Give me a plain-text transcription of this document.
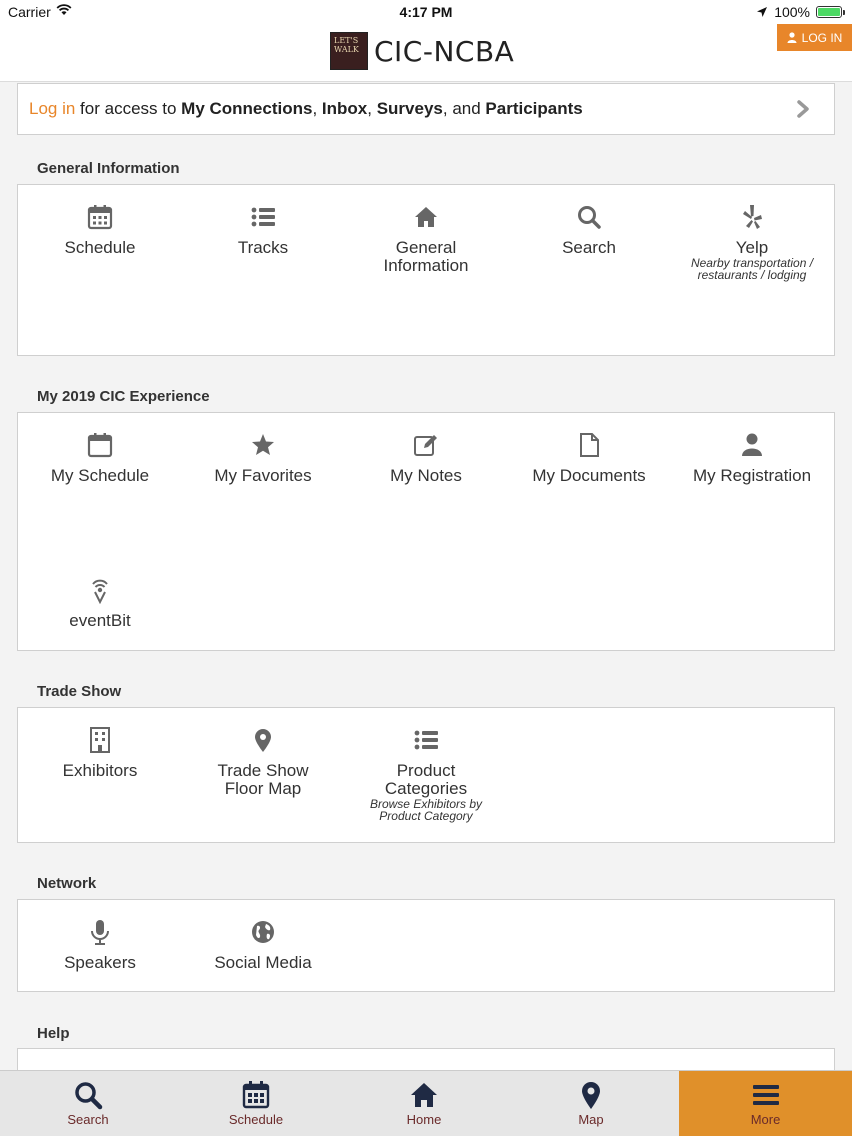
Carrier	4:17 PM	100%
LET'S
WALK CIC-NCBA	LOG IN
Log in for access to My Connections , Inbox , Surveys , and Participants
General Information
Schedule	Tracks	General Information
Search	Yelp
Nearby transportation / restaurants / lodging
My 2019 CIC Experience
My Schedule	My Favorites	My Notes	My Documents	My Registration
eventBit
Trade Show
Exhibitors	Trade Show Floor Map
Product Categories
Browse Exhibitors by Product Category
Network
Speakers	Social Media
Help
Search	Schedule	Home	Map	More
